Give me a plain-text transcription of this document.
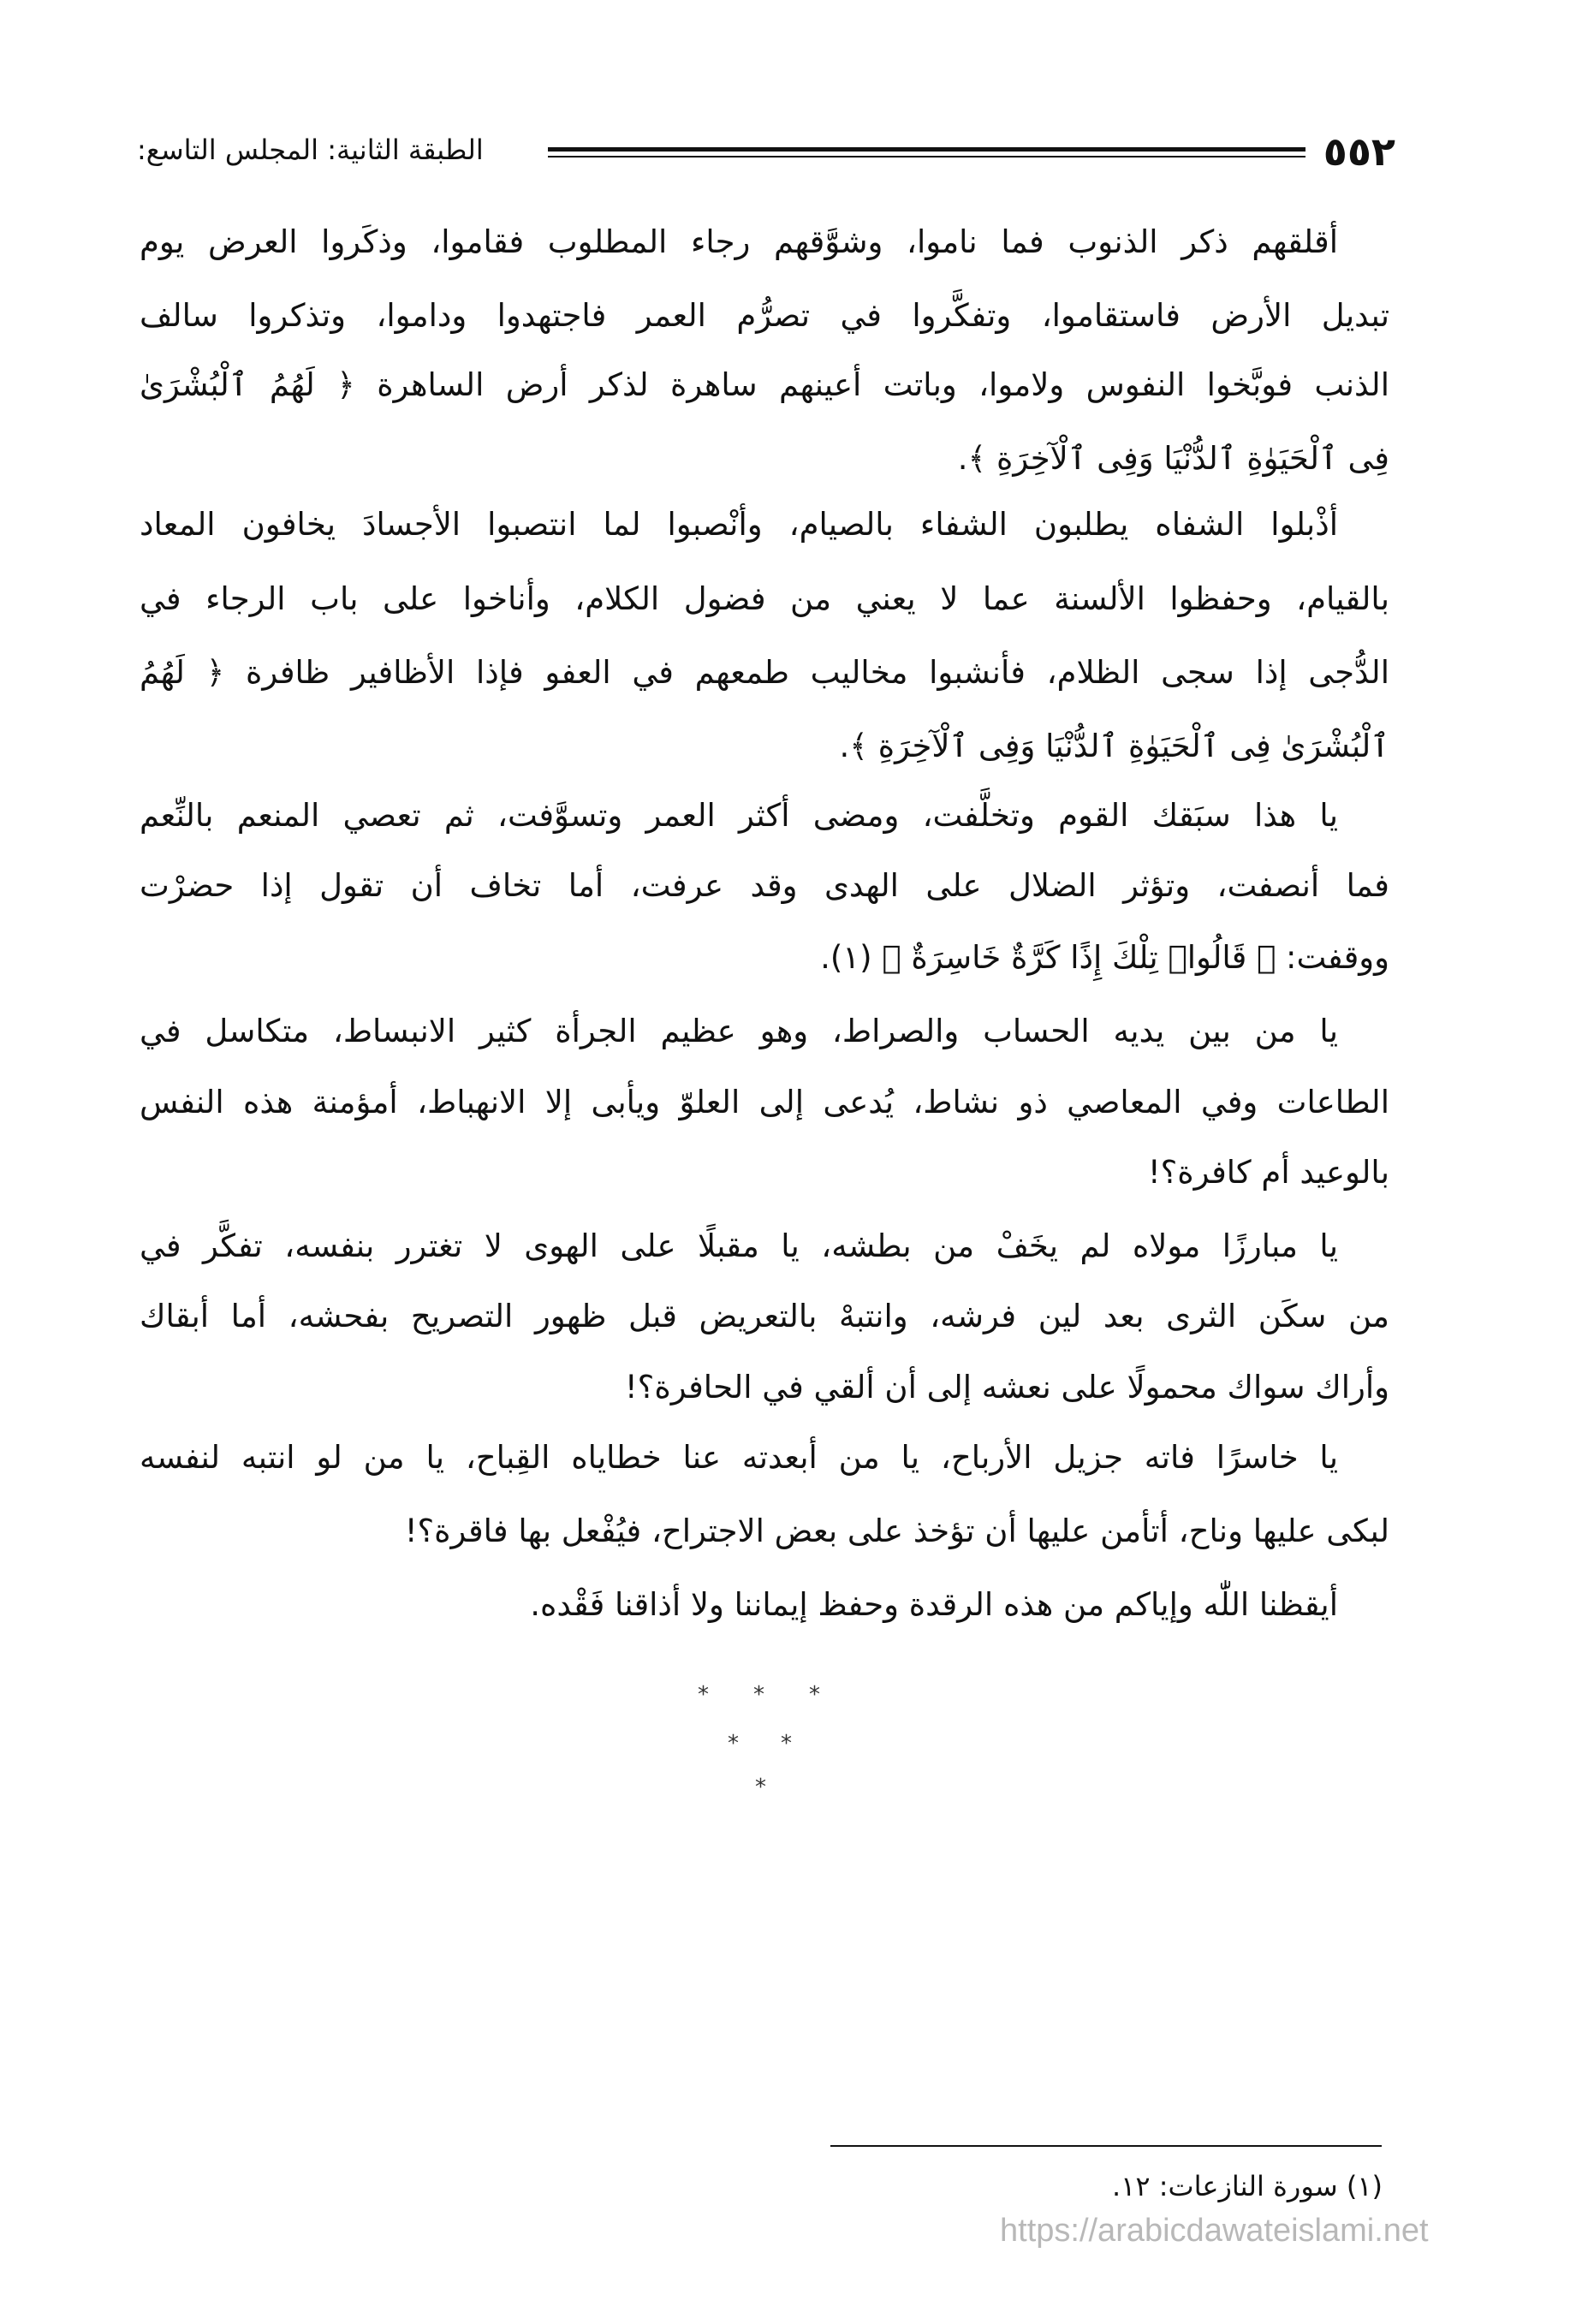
٥٥٢
الطبقة الثانية: المجلس التاسع:
أقلقهم ذكر الذنوب فما ناموا، وشوَّقهم رجاء المطلوب فقاموا، وذكَروا العرض يوم
تبديل الأرض فاستقاموا، وتفكَّروا في تصرُّم العمر فاجتهدوا وداموا، وتذكروا سالف
الذنب فوبَّخوا النفوس ولاموا، وباتت أعينهم ساهرة لذكر أرض الساهرة ﴿ لَهُمُ ٱلْبُشْرَىٰ
فِى ٱلْحَيَوٰةِ ٱلدُّنْيَا وَفِى ٱلْآخِرَةِ ﴾.
أذْبلوا الشفاه يطلبون الشفاء بالصيام، وأنْصبوا لما انتصبوا الأجسادَ يخافون المعاد
بالقيام، وحفظوا الألسنة عما لا يعني من فضول الكلام، وأناخوا على باب الرجاء في
الدُّجى إذا سجى الظلام، فأنشبوا مخاليب طمعهم في العفو فإذا الأظافير ظافرة ﴿ لَهُمُ
ٱلْبُشْرَىٰ فِى ٱلْحَيَوٰةِ ٱلدُّنْيَا وَفِى ٱلْآخِرَةِ ﴾.
يا هذا سبَقك القوم وتخلَّفت، ومضى أكثر العمر وتسوَّفت، ثم تعصي المنعم بالنِّعم
فما أنصفت، وتؤثر الضلال على الهدى وقد عرفت، أما تخاف أن تقول إذا حضرْت
ووقفت: ﴿ قَالُوا۟ تِلْكَ إِذًا كَرَّةٌ خَاسِرَةٌ ﴾ (١).
يا من بين يديه الحساب والصراط، وهو عظيم الجرأة كثير الانبساط، متكاسل في
الطاعات وفي المعاصي ذو نشاط، يُدعى إلى العلوّ ويأبى إلا الانهباط، أمؤمنة هذه النفس
بالوعيد أم كافرة؟!
يا مبارزًا مولاه لم يخَفْ من بطشه، يا مقبلًا على الهوى لا تغترر بنفسه، تفكَّر في
من سكَن الثرى بعد لين فرشه، وانتبهْ بالتعريض قبل ظهور التصريح بفحشه، أما أبقاك
وأراك سواك محمولًا على نعشه إلى أن ألقي في الحافرة؟!
يا خاسرًا فاته جزيل الأرباح، يا من أبعدته عنا خطاياه القِباح، يا من لو انتبه لنفسه
لبكى عليها وناح، أتأمن عليها أن تؤخذ على بعض الاجتراح، فيُفْعل بها فاقرة؟!
أيقظنا اللّٰه وإياكم من هذه الرقدة وحفظ إيماننا ولا أذاقنا فَقْده.
* * *
* *
*
(١) سورة النازعات: ١٢.
https://arabicdawateislami.net
